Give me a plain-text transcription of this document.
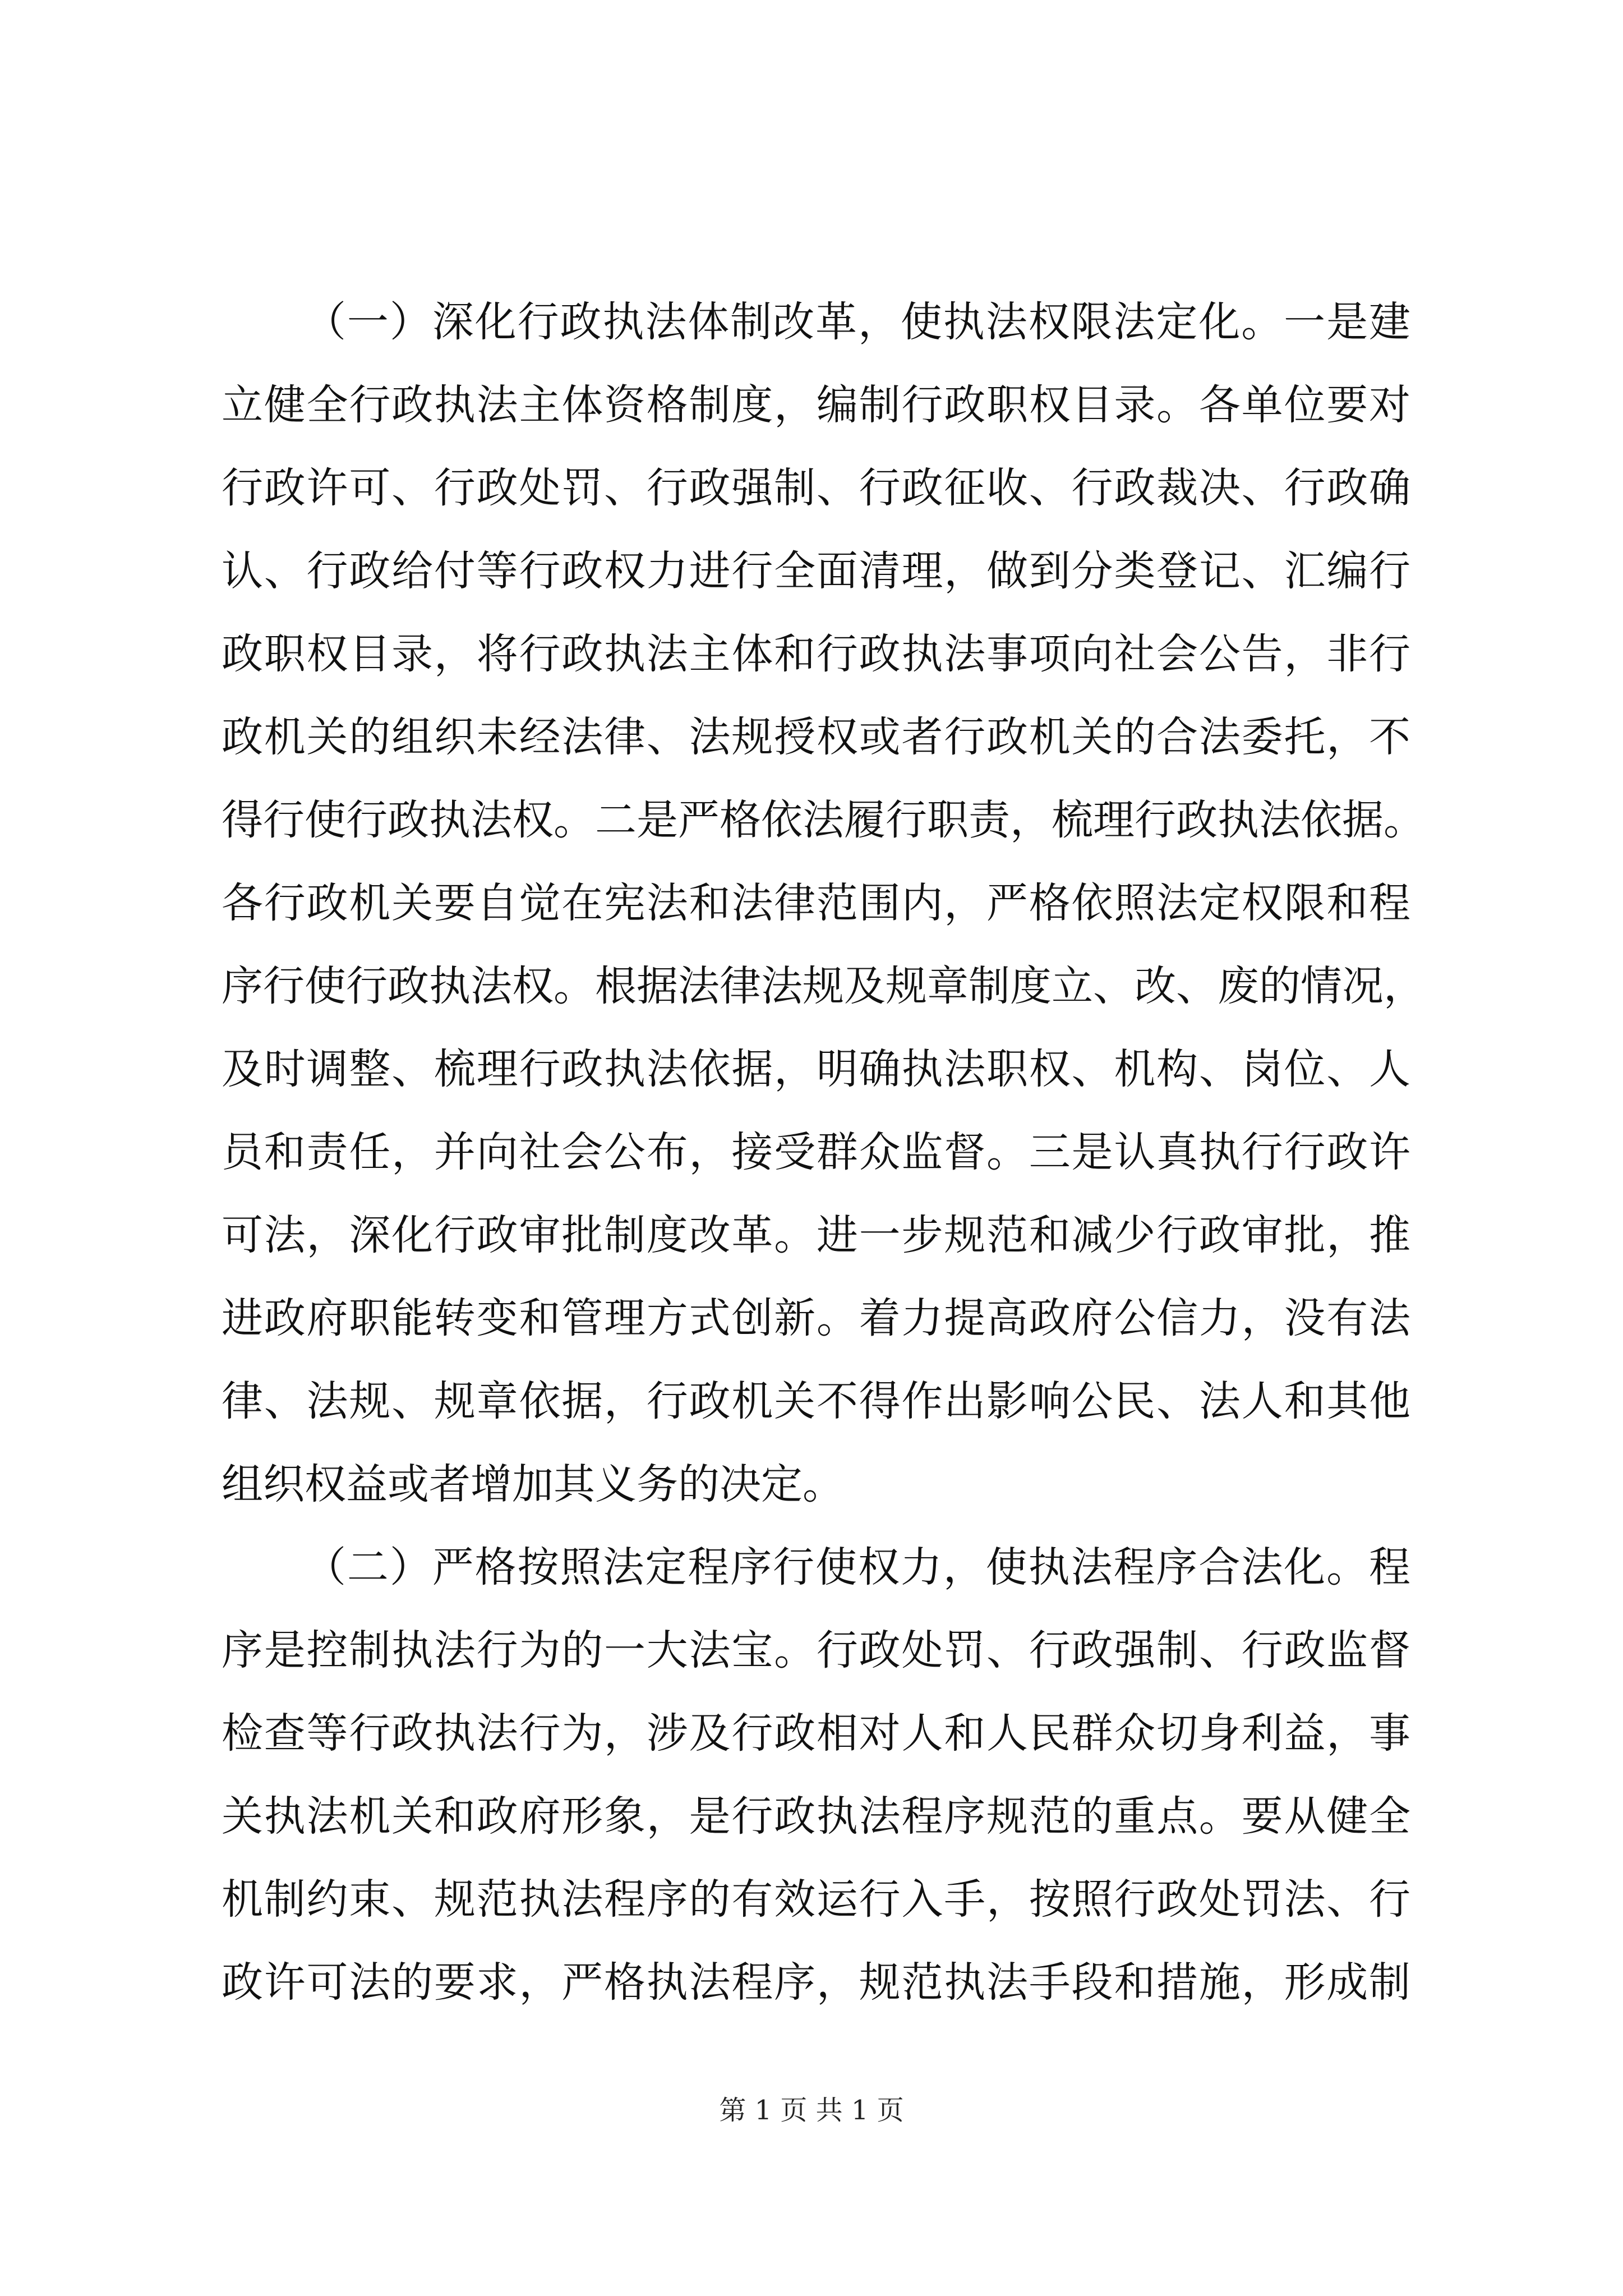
（一）深化行政执法体制改革，使执法权限法定化。一是建
立健全行政执法主体资格制度，编制行政职权目录。各单位要对
行政许可、行政处罚、行政强制、行政征收、行政裁决、行政确
认、行政给付等行政权力进行全面清理，做到分类登记、汇编行
政职权目录，将行政执法主体和行政执法事项向社会公告，非行
政机关的组织未经法律、法规授权或者行政机关的合法委托，不
得行使行政执法权。二是严格依法履行职责，梳理行政执法依据。
各行政机关要自觉在宪法和法律范围内，严格依照法定权限和程
序行使行政执法权。根据法律法规及规章制度立、改、废的情况，
及时调整、梳理行政执法依据，明确执法职权、机构、岗位、人
员和责任，并向社会公布，接受群众监督。三是认真执行行政许
可法，深化行政审批制度改革。进一步规范和减少行政审批，推
进政府职能转变和管理方式创新。着力提高政府公信力，没有法
律、法规、规章依据，行政机关不得作出影响公民、法人和其他
组织权益或者增加其义务的决定。
（二）严格按照法定程序行使权力，使执法程序合法化。程
序是控制执法行为的一大法宝。行政处罚、行政强制、行政监督
检查等行政执法行为，涉及行政相对人和人民群众切身利益，事
关执法机关和政府形象，是行政执法程序规范的重点。要从健全
机制约束、规范执法程序的有效运行入手，按照行政处罚法、行
政许可法的要求，严格执法程序，规范执法手段和措施，形成制
第 1 页 共 1 页
